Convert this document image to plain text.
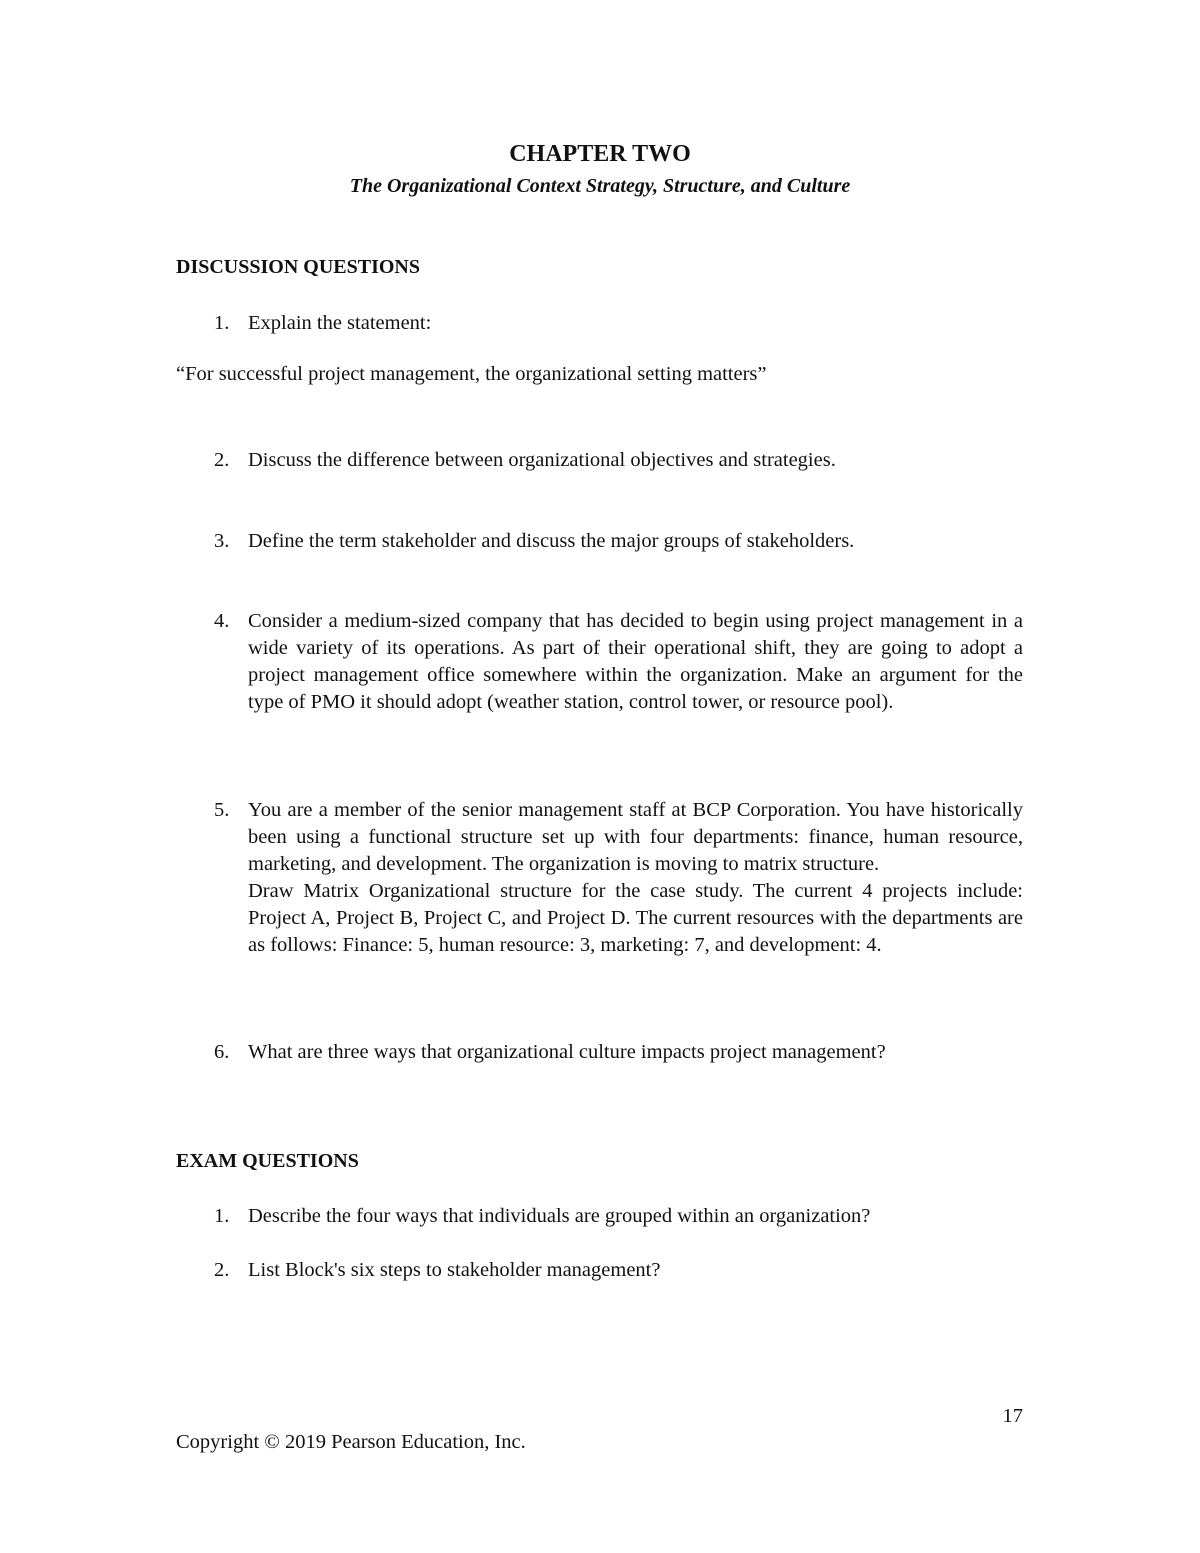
CHAPTER TWO
The Organizational Context Strategy, Structure, and Culture
DISCUSSION QUESTIONS
1. Explain the statement:
“For successful project management, the organizational setting matters”
2. Discuss the difference between organizational objectives and strategies.
3. Define the term stakeholder and discuss the major groups of stakeholders.
4. Consider a medium-sized company that has decided to begin using project management in a wide variety of its operations. As part of their operational shift, they are going to adopt a project management office somewhere within the organization. Make an argument for the type of PMO it should adopt (weather station, control tower, or resource pool).
5. You are a member of the senior management staff at BCP Corporation. You have historically been using a functional structure set up with four departments: finance, human resource, marketing, and development. The organization is moving to matrix structure.
Draw Matrix Organizational structure for the case study. The current 4 projects include: Project A, Project B, Project C, and Project D. The current resources with the departments are as follows: Finance: 5, human resource: 3, marketing: 7, and development: 4.
6. What are three ways that organizational culture impacts project management?
EXAM QUESTIONS
1. Describe the four ways that individuals are grouped within an organization?
2. List Block's six steps to stakeholder management?
17
Copyright © 2019 Pearson Education, Inc.
